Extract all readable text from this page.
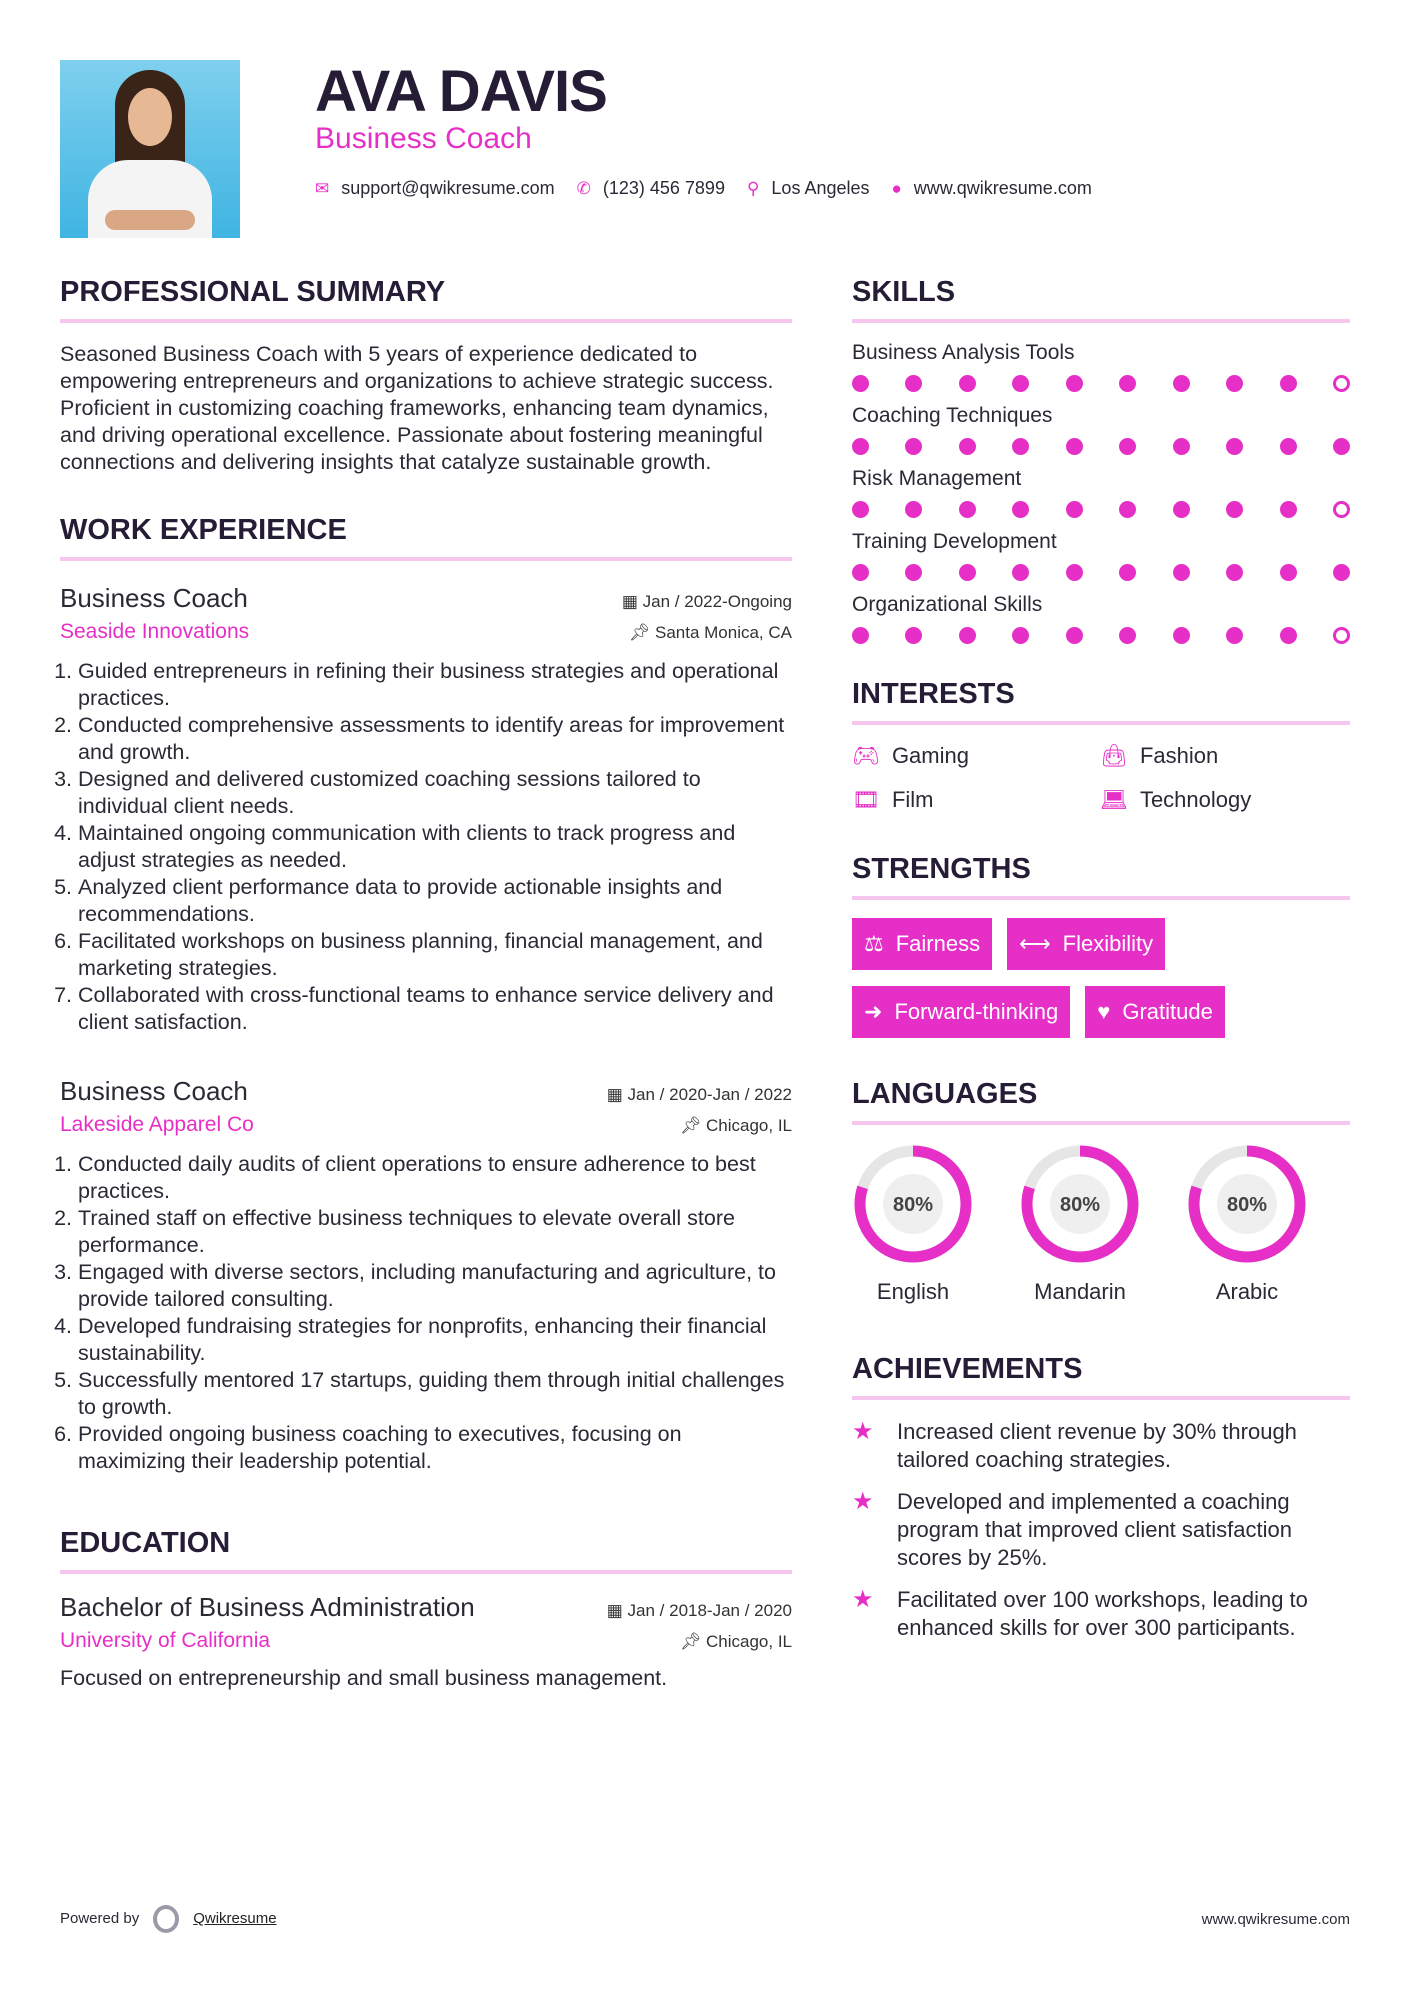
AVA DAVIS
Business Coach
✉ support@qwikresume.com ✆ (123) 456 7899 ⚲ Los Angeles ● www.qwikresume.com
PROFESSIONAL SUMMARY

Seasoned Business Coach with 5 years of experience dedicated to empowering entrepreneurs and organizations to achieve strategic success. Proficient in customizing coaching frameworks, enhancing team dynamics, and driving operational excellence. Passionate about fostering meaningful connections and delivering insights that catalyze sustainable growth.

WORK EXPERIENCE
Business Coach	▦ Jan / 2022-Ongoing
Seaside Innovations	📌︎ Santa Monica, CA
1. Guided entrepreneurs in refining their business strategies and operational practices.
2. Conducted comprehensive assessments to identify areas for improvement and growth.
3. Designed and delivered customized coaching sessions tailored to individual client needs.
4. Maintained ongoing communication with clients to track progress and adjust strategies as needed.
5. Analyzed client performance data to provide actionable insights and recommendations.
6. Facilitated workshops on business planning, financial management, and marketing strategies.
7. Collaborated with cross-functional teams to enhance service delivery and client satisfaction.
Business Coach	▦ Jan / 2020-Jan / 2022
Lakeside Apparel Co	📌︎ Chicago, IL
1. Conducted daily audits of client operations to ensure adherence to best practices.
2. Trained staff on effective business techniques to elevate overall store performance.
3. Engaged with diverse sectors, including manufacturing and agriculture, to provide tailored consulting.
4. Developed fundraising strategies for nonprofits, enhancing their financial sustainability.
5. Successfully mentored 17 startups, guiding them through initial challenges to growth.
6. Provided ongoing business coaching to executives, focusing on maximizing their leadership potential.
EDUCATION
Bachelor of Business Administration	▦ Jan / 2018-Jan / 2020
University of California	📌︎ Chicago, IL

Focused on entrepreneurship and small business management.

SKILLS
Business Analysis Tools
Coaching Techniques
Risk Management
Training Development
Organizational Skills
INTERESTS
🎮︎ Gaming	👜︎ Fashion
🎞︎ Film	💻︎ Technology
STRENGTHS
⚖ Fairness ⟷ Flexibility
➜ Forward-thinking ♥ Gratitude
LANGUAGES
80%
English
80%
Mandarin
80%
Arabic
ACHIEVEMENTS
★	Increased client revenue by 30% through tailored coaching strategies.
★	Developed and implemented a coaching program that improved client satisfaction scores by 25%.
★	Facilitated over 100 workshops, leading to enhanced skills for over 300 participants.
Powered by	Qwikresume	www.qwikresume.com
